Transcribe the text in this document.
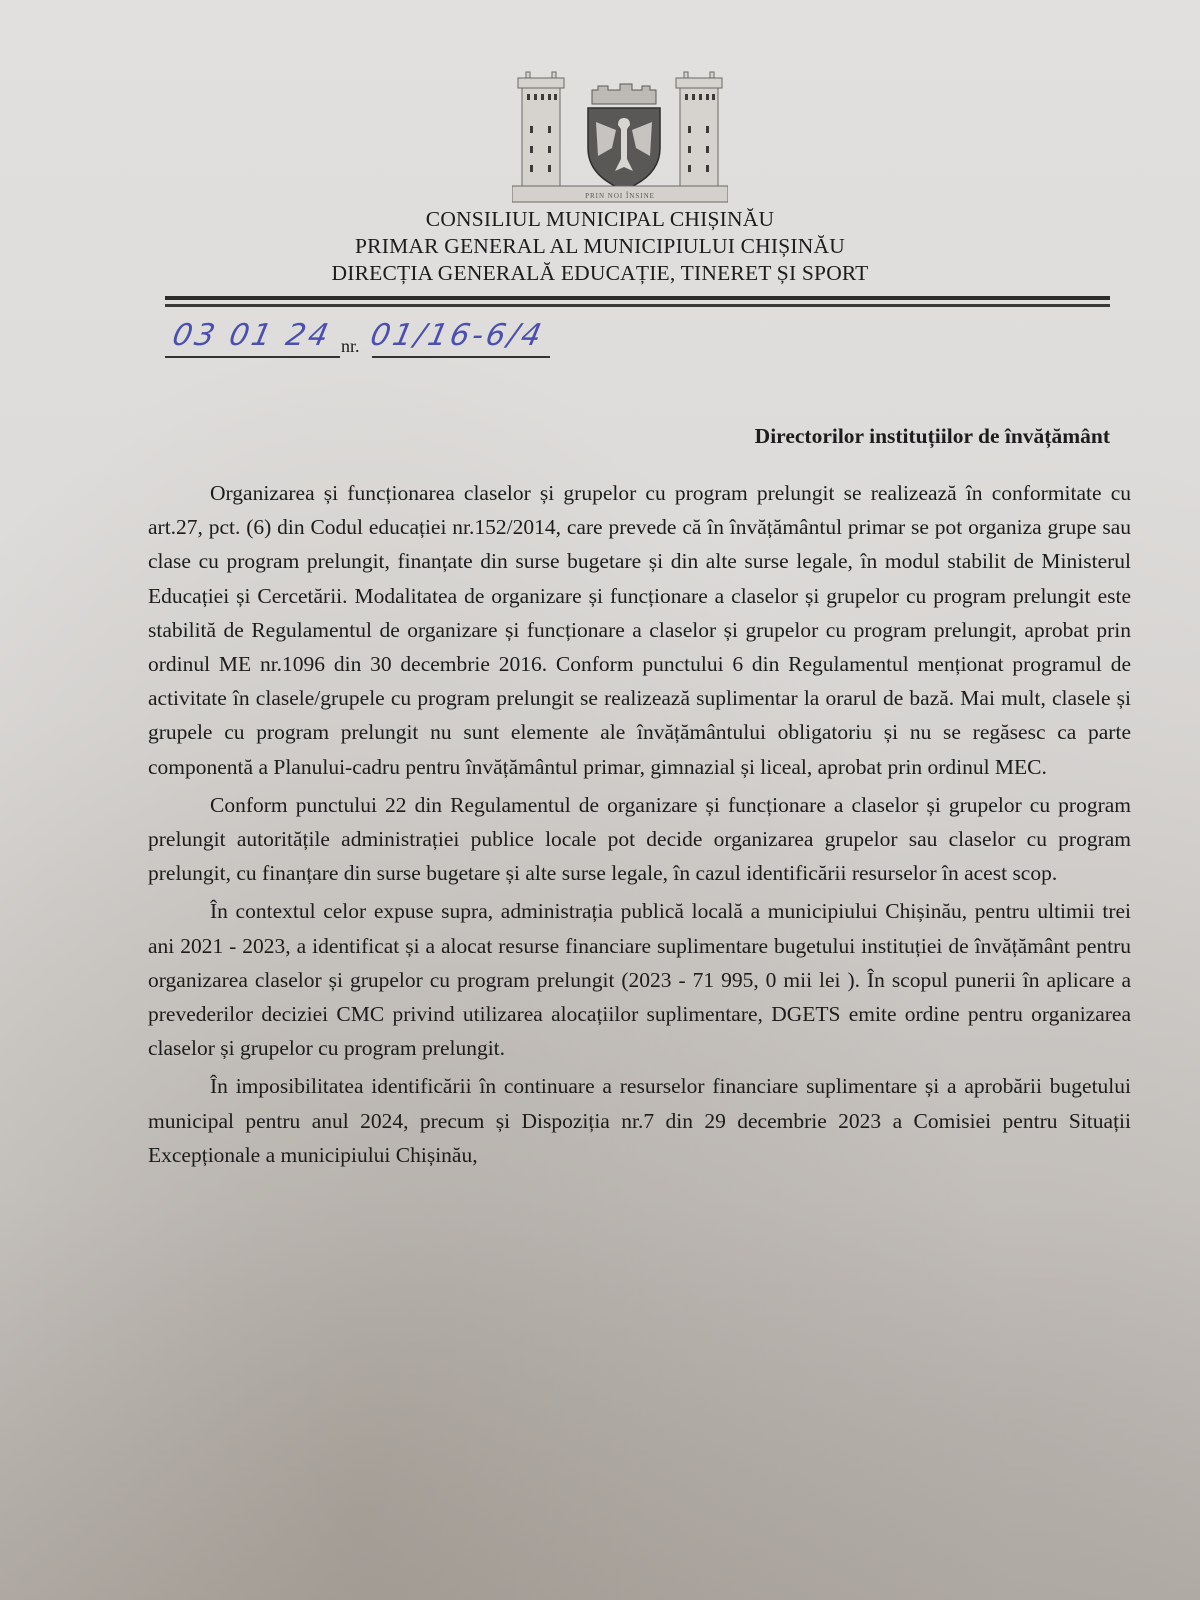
PRIN NOI ÎNSINE
CONSILIUL MUNICIPAL CHIȘINĂU
PRIMAR GENERAL AL MUNICIPIULUI CHIȘINĂU
DIRECȚIA GENERALĂ EDUCAȚIE, TINERET ȘI SPORT
03 01 24 nr. 01/16-6/4
Directorilor instituțiilor de învățământ

Organizarea și funcționarea claselor și grupelor cu program prelungit se realizează în conformitate cu art.27, pct. (6) din Codul educației nr.152/2014, care prevede că în învățământul primar se pot organiza grupe sau clase cu program prelungit, finanțate din surse bugetare și din alte surse legale, în modul stabilit de Ministerul Educației și Cercetării. Modalitatea de organizare și funcționare a claselor și grupelor cu program prelungit este stabilită de Regulamentul de organizare și funcționare a claselor și grupelor cu program prelungit, aprobat prin ordinul ME nr.1096 din 30 decembrie 2016. Conform punctului 6 din Regulamentul menționat programul de activitate în clasele/grupele cu program prelungit se realizează suplimentar la orarul de bază. Mai mult, clasele și grupele cu program prelungit nu sunt elemente ale învățământului obligatoriu și nu se regăsesc ca parte componentă a Planului-cadru pentru învățământul primar, gimnazial și liceal, aprobat prin ordinul MEC.

Conform punctului 22 din Regulamentul de organizare și funcționare a claselor și grupelor cu program prelungit autoritățile administrației publice locale pot decide organizarea grupelor sau claselor cu program prelungit, cu finanțare din surse bugetare și alte surse legale, în cazul identificării resurselor în acest scop.

În contextul celor expuse supra, administrația publică locală a municipiului Chișinău, pentru ultimii trei ani 2021 - 2023, a identificat și a alocat resurse financiare suplimentare bugetului instituției de învățământ pentru organizarea claselor și grupelor cu program prelungit (2023 - 71 995, 0 mii lei ). În scopul punerii în aplicare a prevederilor deciziei CMC privind utilizarea alocațiilor suplimentare, DGETS emite ordine pentru organizarea claselor și grupelor cu program prelungit.

În imposibilitatea identificării în continuare a resurselor financiare suplimentare și a aprobării bugetului municipal pentru anul 2024, precum și Dispoziția nr.7 din 29 decembrie 2023 a Comisiei pentru Situații Excepționale a municipiului Chișinău,
